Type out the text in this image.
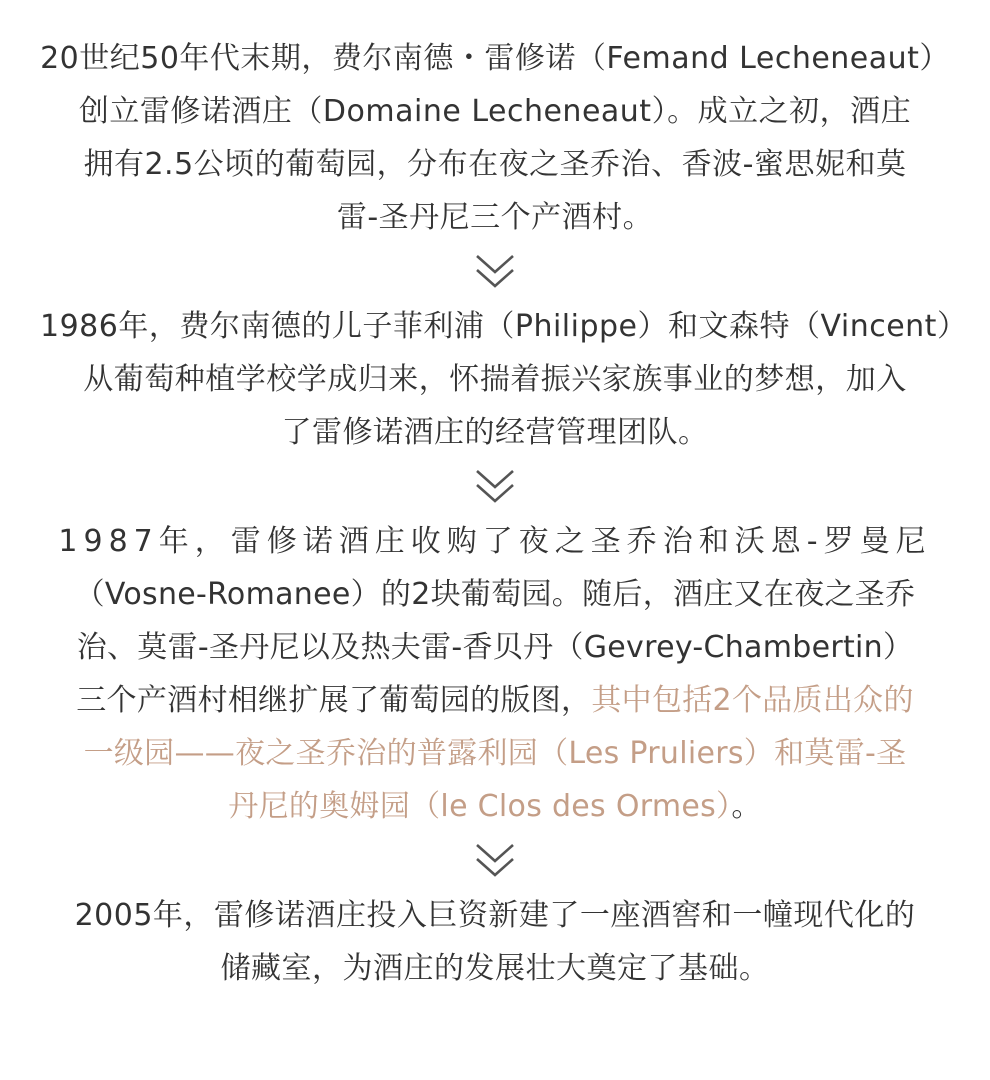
20世纪50年代末期，费尔南德・雷修诺（Femand Lecheneaut）
创立雷修诺酒庄（Domaine Lecheneaut）。成立之初，酒庄
拥有2.5公顷的葡萄园，分布在夜之圣乔治、香波-蜜思妮和莫
雷-圣丹尼三个产酒村。

1986年，费尔南德的儿子菲利浦（Philippe）和文森特（Vincent）
从葡萄种植学校学成归来，怀揣着振兴家族事业的梦想，加入
了雷修诺酒庄的经营管理团队。

1987年，雷修诺酒庄收购了夜之圣乔治和沃恩-罗曼尼
（Vosne-Romanee）的2块葡萄园。随后，酒庄又在夜之圣乔
治、莫雷-圣丹尼以及热夫雷-香贝丹（Gevrey-Chambertin）
三个产酒村相继扩展了葡萄园的版图，其中包括2个品质出众的
一级园——夜之圣乔治的普露利园（Les Pruliers）和莫雷-圣
丹尼的奥姆园（le Clos des Ormes）。

2005年，雷修诺酒庄投入巨资新建了一座酒窖和一幢现代化的
储藏室，为酒庄的发展壮大奠定了基础。
